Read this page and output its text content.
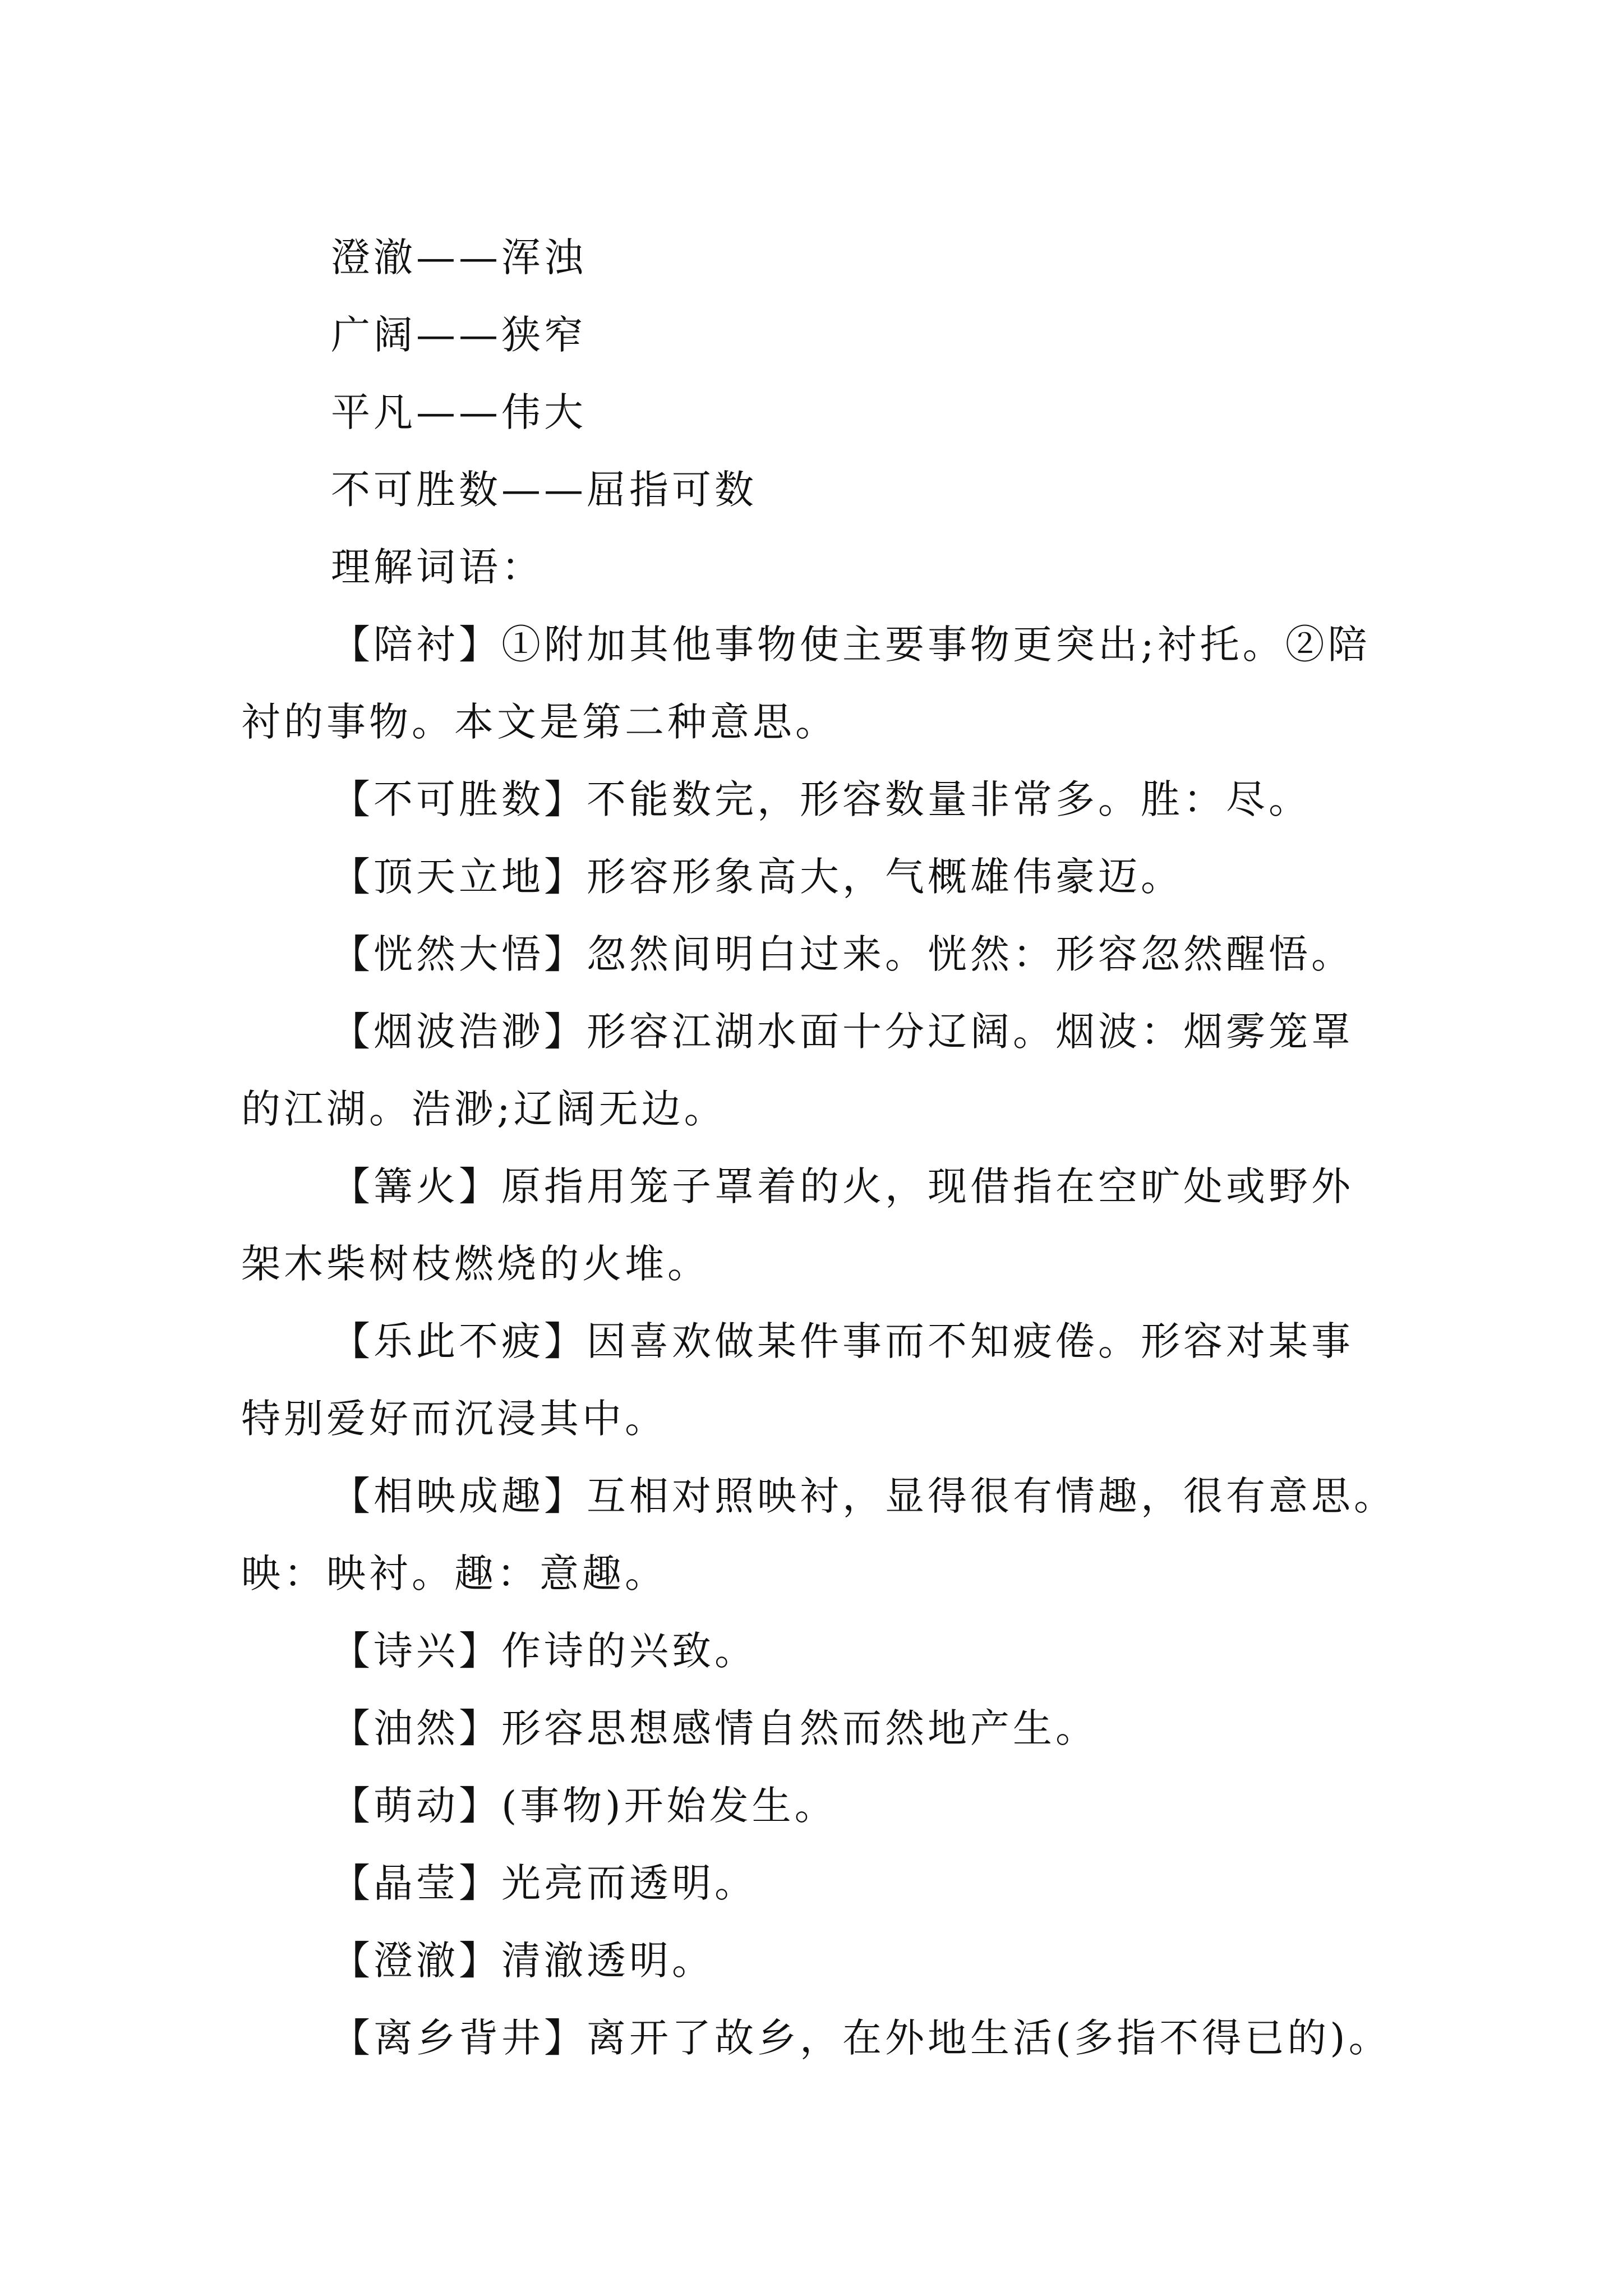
澄澈——浑浊
广阔——狭窄
平凡——伟大
不可胜数——屈指可数
理解词语：
【陪衬】①附加其他事物使主要事物更突出;衬托。②陪
衬的事物。本文是第二种意思。
【不可胜数】不能数完，形容数量非常多。胜：尽。
【顶天立地】形容形象高大，气概雄伟豪迈。
【恍然大悟】忽然间明白过来。恍然：形容忽然醒悟。
【烟波浩渺】形容江湖水面十分辽阔。烟波：烟雾笼罩
的江湖。浩渺;辽阔无边。
【篝火】原指用笼子罩着的火，现借指在空旷处或野外
架木柴树枝燃烧的火堆。
【乐此不疲】因喜欢做某件事而不知疲倦。形容对某事
特别爱好而沉浸其中。
【相映成趣】互相对照映衬，显得很有情趣，很有意思。
映：映衬。趣：意趣。
【诗兴】作诗的兴致。
【油然】形容思想感情自然而然地产生。
【萌动】(事物)开始发生。
【晶莹】光亮而透明。
【澄澈】清澈透明。
【离乡背井】离开了故乡，在外地生活(多指不得已的)。
